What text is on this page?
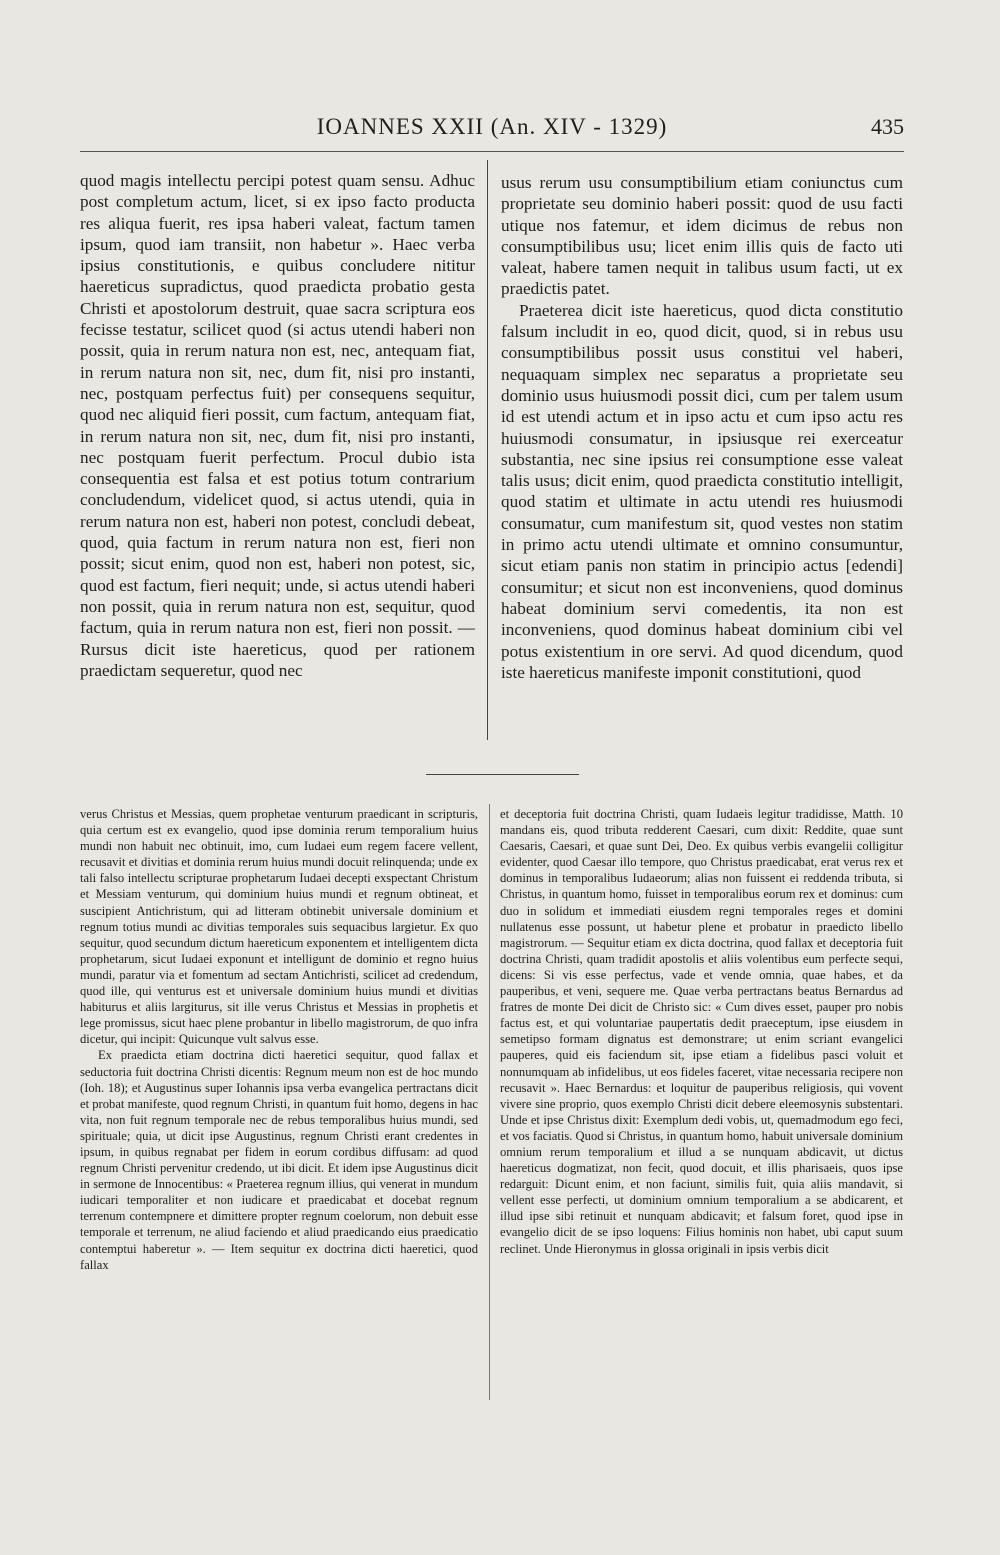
IOANNES XXII (An. XIV - 1329)	435

quod magis intellectu percipi potest quam sensu. Adhuc post completum actum, licet, si ex ipso facto producta res aliqua fuerit, res ipsa haberi valeat, factum tamen ipsum, quod iam transiit, non habetur ». Haec verba ipsius constitutionis, e quibus concludere nititur haereticus supradictus, quod praedicta probatio gesta Christi et apostolorum destruit, quae sacra scriptura eos fecisse testatur, scilicet quod (si actus utendi haberi non possit, quia in rerum natura non est, nec, antequam fiat, in rerum natura non sit, nec, dum fit, nisi pro instanti, nec, postquam perfectus fuit) per consequens sequitur, quod nec aliquid fieri possit, cum factum, antequam fiat, in rerum natura non sit, nec, dum fit, nisi pro instanti, nec postquam fuerit perfectum. Procul dubio ista consequentia est falsa et est potius totum contrarium concludendum, videlicet quod, si actus utendi, quia in rerum natura non est, haberi non potest, concludi debeat, quod, quia factum in rerum natura non est, fieri non possit; sicut enim, quod non est, haberi non potest, sic, quod est factum, fieri nequit; unde, si actus utendi haberi non possit, quia in rerum natura non est, sequitur, quod factum, quia in rerum natura non est, fieri non possit. — Rursus dicit iste haereticus, quod per rationem praedictam sequeretur, quod nec

usus rerum usu consumptibilium etiam coniunctus cum proprietate seu dominio haberi possit: quod de usu facti utique nos fatemur, et idem dicimus de rebus non consumptibilibus usu; licet enim illis quis de facto uti valeat, habere tamen nequit in talibus usum facti, ut ex praedictis patet.

Praeterea dicit iste haereticus, quod dicta constitutio falsum includit in eo, quod dicit, quod, si in rebus usu consumptibilibus possit usus constitui vel haberi, nequaquam simplex nec separatus a proprietate seu dominio usus huiusmodi possit dici, cum per talem usum id est utendi actum et in ipso actu et cum ipso actu res huiusmodi consumatur, in ipsiusque rei exerceatur substantia, nec sine ipsius rei consumptione esse valeat talis usus; dicit enim, quod praedicta constitutio intelligit, quod statim et ultimate in actu utendi res huiusmodi consumatur, cum manifestum sit, quod vestes non statim in primo actu utendi ultimate et omnino consumuntur, sicut etiam panis non statim in principio actus [edendi] consumitur; et sicut non est inconveniens, quod dominus habeat dominium servi comedentis, ita non est inconveniens, quod dominus habeat dominium cibi vel potus existentium in ore servi. Ad quod dicendum, quod iste haereticus manifeste imponit constitutioni, quod

verus Christus et Messias, quem prophetae venturum praedicant in scripturis, quia certum est ex evangelio, quod ipse dominia rerum temporalium huius mundi non habuit nec obtinuit, imo, cum Iudaei eum regem facere vellent, recusavit et divitias et dominia rerum huius mundi docuit relinquenda; unde ex tali falso intellectu scripturae prophetarum Iudaei decepti exspectant Christum et Messiam venturum, qui dominium huius mundi et regnum obtineat, et suscipient Antichristum, qui ad litteram obtinebit universale dominium et regnum totius mundi ac divitias temporales suis sequacibus largietur. Ex quo sequitur, quod secundum dictum haereticum exponentem et intelligentem dicta prophetarum, sicut Iudaei exponunt et intelligunt de dominio et regno huius mundi, paratur via et fomentum ad sectam Antichristi, scilicet ad credendum, quod ille, qui venturus est et universale dominium huius mundi et divitias habiturus et aliis largiturus, sit ille verus Christus et Messias in prophetis et lege promissus, sicut haec plene probantur in libello magistrorum, de quo infra dicetur, qui incipit: Quicunque vult salvus esse.

Ex praedicta etiam doctrina dicti haeretici sequitur, quod fallax et seductoria fuit doctrina Christi dicentis: Regnum meum non est de hoc mundo (Ioh. 18); et Augustinus super Iohannis ipsa verba evangelica pertractans dicit et probat manifeste, quod regnum Christi, in quantum fuit homo, degens in hac vita, non fuit regnum temporale nec de rebus temporalibus huius mundi, sed spirituale; quia, ut dicit ipse Augustinus, regnum Christi erant credentes in ipsum, in quibus regnabat per fidem in eorum cordibus diffusam: ad quod regnum Christi pervenitur credendo, ut ibi dicit. Et idem ipse Augustinus dicit in sermone de Innocentibus: « Praeterea regnum illius, qui venerat in mundum iudicari temporaliter et non iudicare et praedicabat et docebat regnum terrenum contempnere et dimittere propter regnum coelorum, non debuit esse temporale et terrenum, ne aliud faciendo et aliud praedicando eius praedicatio contemptui haberetur ». — Item sequitur ex doctrina dicti haeretici, quod fallax

et deceptoria fuit doctrina Christi, quam Iudaeis legitur tradidisse, Matth. 10 mandans eis, quod tributa redderent Caesari, cum dixit: Reddite, quae sunt Caesaris, Caesari, et quae sunt Dei, Deo. Ex quibus verbis evangelii colligitur evidenter, quod Caesar illo tempore, quo Christus praedicabat, erat verus rex et dominus in temporalibus Iudaeorum; alias non fuissent ei reddenda tributa, si Christus, in quantum homo, fuisset in temporalibus eorum rex et dominus: cum duo in solidum et immediati eiusdem regni temporales reges et domini nullatenus esse possunt, ut habetur plene et probatur in praedicto libello magistrorum. — Sequitur etiam ex dicta doctrina, quod fallax et deceptoria fuit doctrina Christi, quam tradidit apostolis et aliis volentibus eum perfecte sequi, dicens: Si vis esse perfectus, vade et vende omnia, quae habes, et da pauperibus, et veni, sequere me. Quae verba pertractans beatus Bernardus ad fratres de monte Dei dicit de Christo sic: « Cum dives esset, pauper pro nobis factus est, et qui voluntariae paupertatis dedit praeceptum, ipse eiusdem in semetipso formam dignatus est demonstrare; ut enim scriant evangelici pauperes, quid eis faciendum sit, ipse etiam a fidelibus pasci voluit et nonnumquam ab infidelibus, ut eos fideles faceret, vitae necessaria recipere non recusavit ». Haec Bernardus: et loquitur de pauperibus religiosis, qui vovent vivere sine proprio, quos exemplo Christi dicit debere eleemosynis substentari. Unde et ipse Christus dixit: Exemplum dedi vobis, ut, quemadmodum ego feci, et vos faciatis. Quod si Christus, in quantum homo, habuit universale dominium omnium rerum temporalium et illud a se nunquam abdicavit, ut dictus haereticus dogmatizat, non fecit, quod docuit, et illis pharisaeis, quos ipse redarguit: Dicunt enim, et non faciunt, similis fuit, quia aliis mandavit, si vellent esse perfecti, ut dominium omnium temporalium a se abdicarent, et illud ipse sibi retinuit et nunquam abdicavit; et falsum foret, quod ipse in evangelio dicit de se ipso loquens: Filius hominis non habet, ubi caput suum reclinet. Unde Hieronymus in glossa originali in ipsis verbis dicit
